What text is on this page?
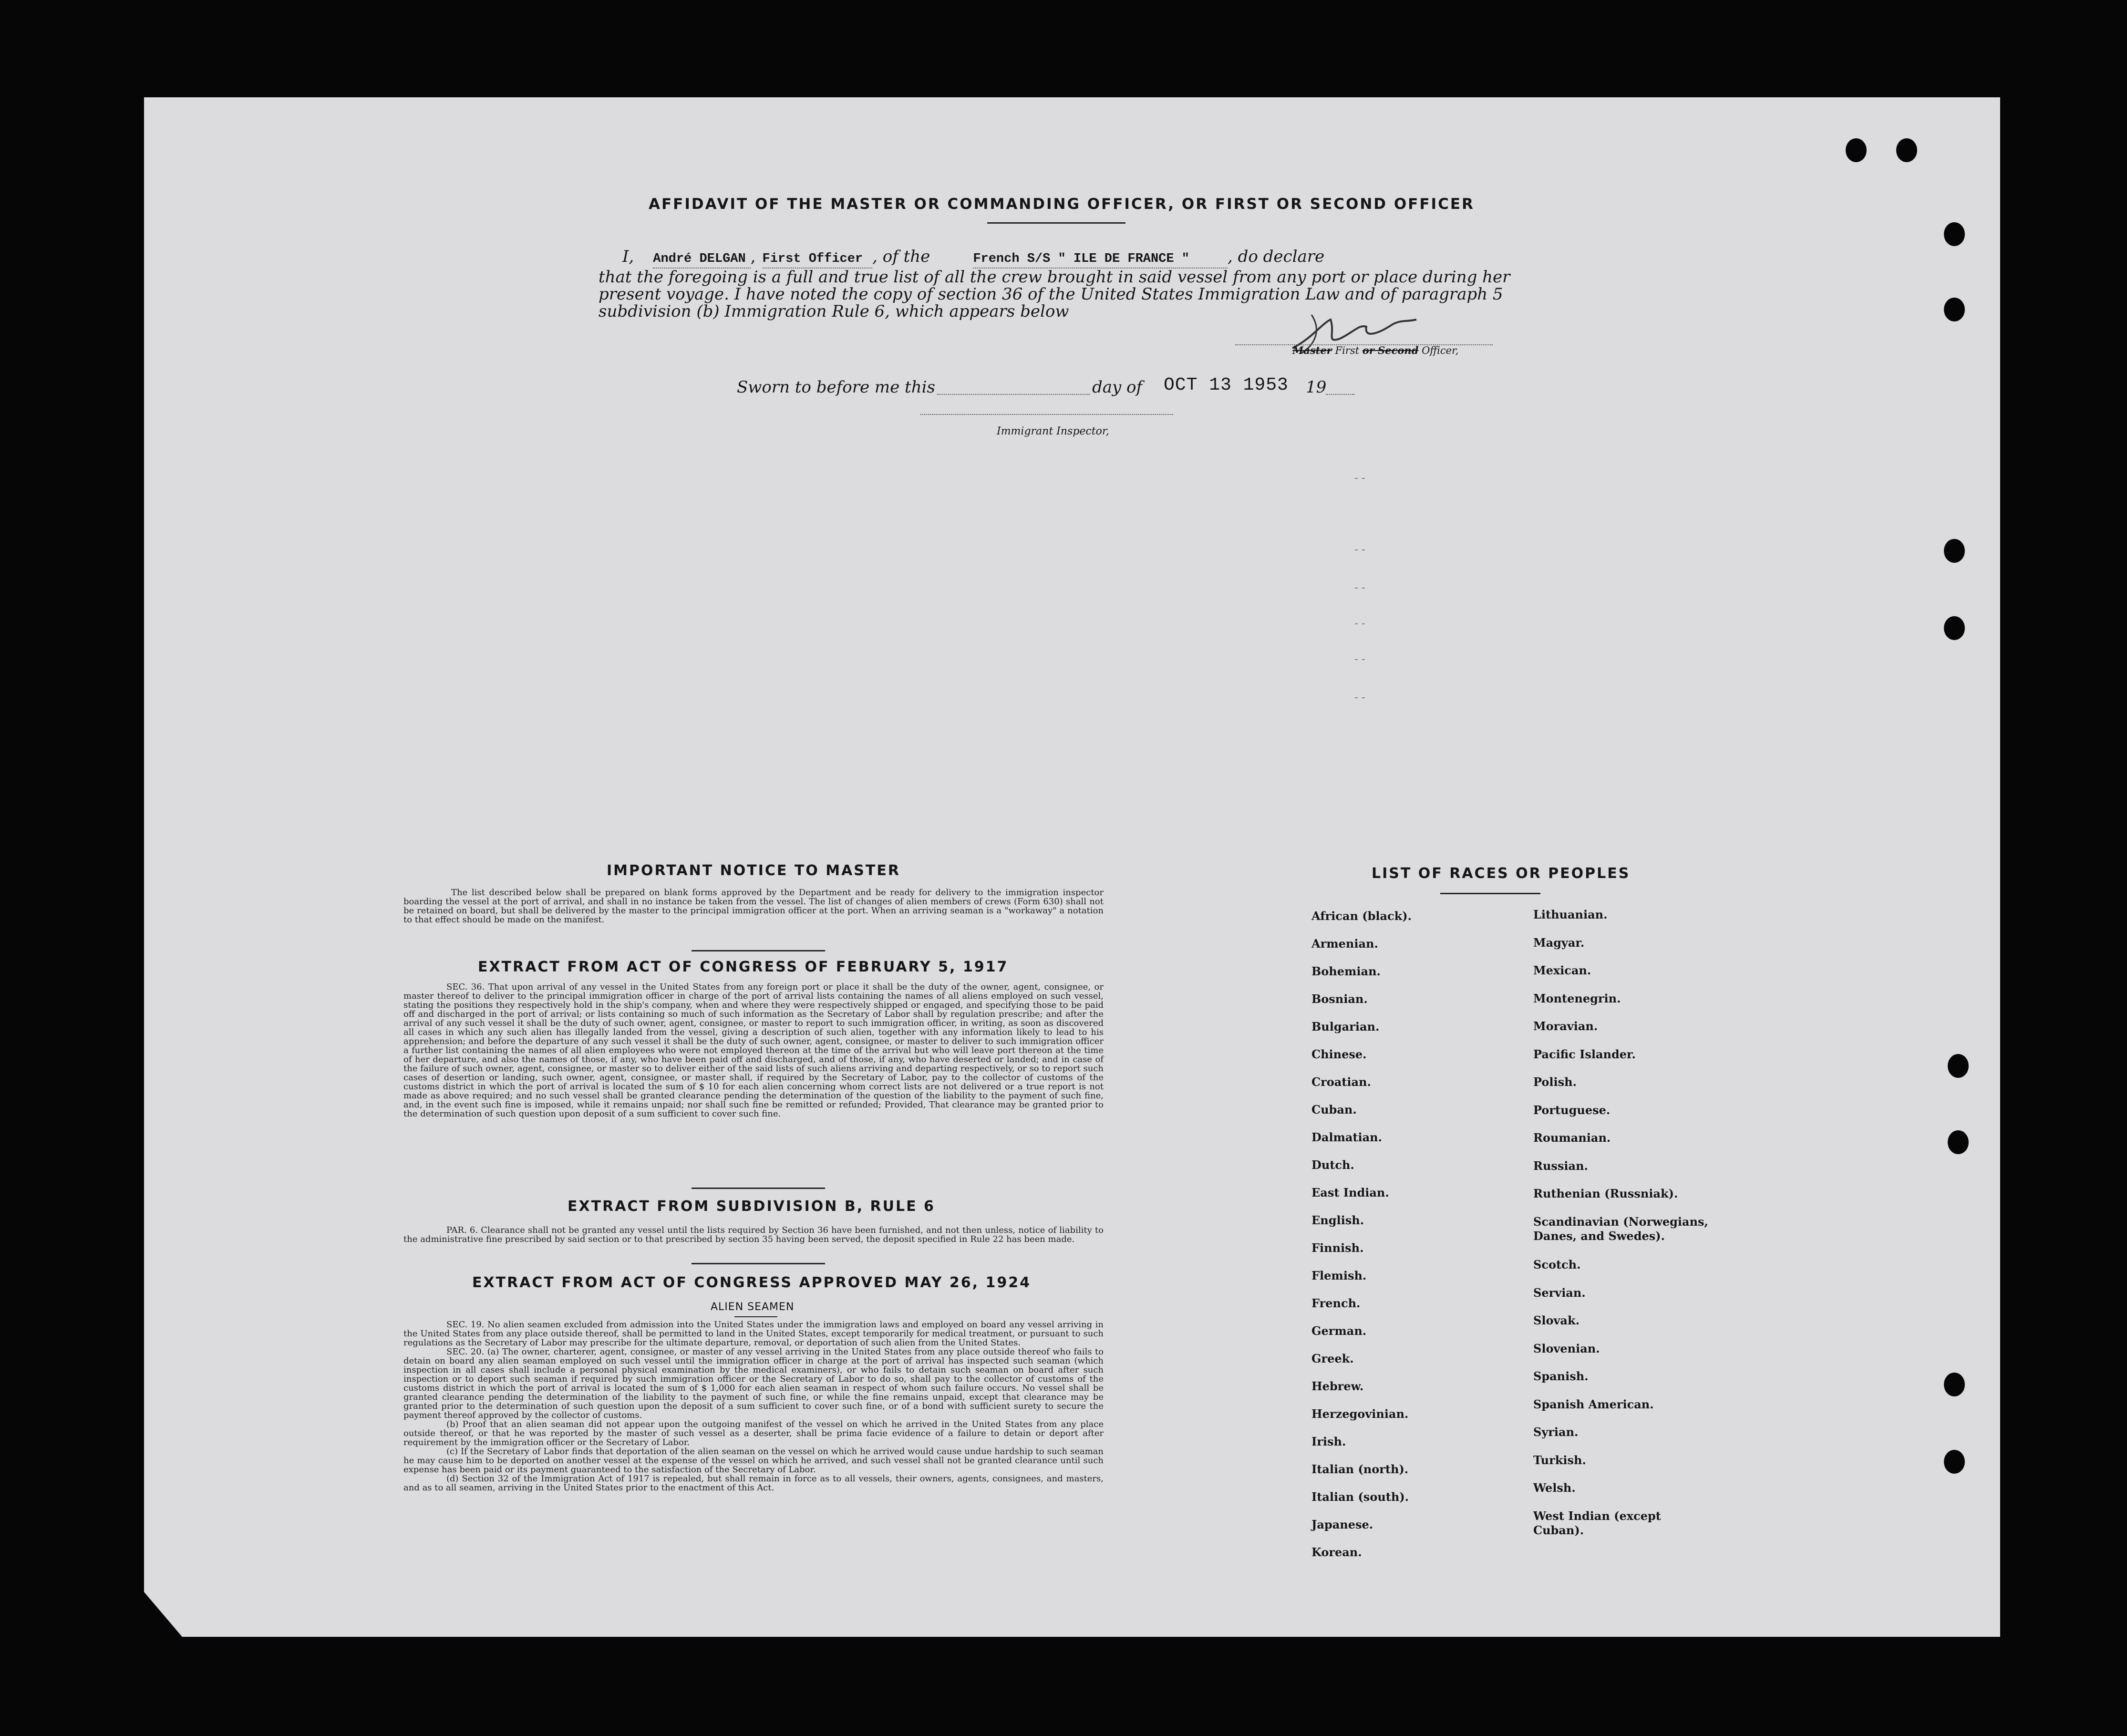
AFFIDAVIT OF THE MASTER OR COMMANDING OFFICER, OR FIRST OR SECOND OFFICER
I, André DELGAN , First Officer , of the	French S/S " ILE DE FRANCE "	, do declare
that the foregoing is a full and true list of all the crew brought in said vessel from any port or place during her
present voyage. I have noted the copy of section 36 of the United States Immigration Law and of paragraph 5
subdivision (b) Immigration Rule 6, which appears below
Master First or Second Officer,
Sworn to before me this	day of OCT 13 1953 19
Immigrant Inspector,
- -
- -
- -
- -
- -
- -
IMPORTANT NOTICE TO MASTER
The list described below shall be prepared on blank forms approved by the Department and be ready for delivery to the immigration inspector boarding the vessel at the port of arrival, and shall in no instance be taken from the vessel. The list of changes of alien members of crews (Form 630) shall not be retained on board, but shall be delivered by the master to the principal immigration officer at the port. When an arriving seaman is a "workaway" a notation to that effect should be made on the manifest.
EXTRACT FROM ACT OF CONGRESS OF FEBRUARY 5, 1917
SEC. 36. That upon arrival of any vessel in the United States from any foreign port or place it shall be the duty of the owner, agent, consignee, or master thereof to deliver to the principal immigration officer in charge of the port of arrival lists containing the names of all aliens employed on such vessel, stating the positions they respectively hold in the ship's company, when and where they were respectively shipped or engaged, and specifying those to be paid off and discharged in the port of arrival; or lists containing so much of such information as the Secretary of Labor shall by regulation prescribe; and after the arrival of any such vessel it shall be the duty of such owner, agent, consignee, or master to report to such immigration officer, in writing, as soon as discovered all cases in which any such alien has illegally landed from the vessel, giving a description of such alien, together with any information likely to lead to his apprehension; and before the departure of any such vessel it shall be the duty of such owner, agent, consignee, or master to deliver to such immigration officer a further list containing the names of all alien employees who were not employed thereon at the time of the arrival but who will leave port thereon at the time of her departure, and also the names of those, if any, who have been paid off and discharged, and of those, if any, who have deserted or landed; and in case of the failure of such owner, agent, consignee, or master so to deliver either of the said lists of such aliens arriving and departing respectively, or so to report such cases of desertion or landing, such owner, agent, consignee, or master shall, if required by the Secretary of Labor, pay to the collector of customs of the customs district in which the port of arrival is located the sum of $ 10 for each alien concerning whom correct lists are not delivered or a true report is not made as above required; and no such vessel shall be granted clearance pending the determination of the question of the liability to the payment of such fine, and, in the event such fine is imposed, while it remains unpaid; nor shall such fine be remitted or refunded; Provided, That clearance may be granted prior to the determination of such question upon deposit of a sum sufficient to cover such fine.
EXTRACT FROM SUBDIVISION B, RULE 6
PAR. 6. Clearance shall not be granted any vessel until the lists required by Section 36 have been furnished, and not then unless, notice of liability to the administrative fine prescribed by said section or to that prescribed by section 35 having been served, the deposit specified in Rule 22 has been made.
EXTRACT FROM ACT OF CONGRESS APPROVED MAY 26, 1924
ALIEN SEAMEN
SEC. 19. No alien seamen excluded from admission into the United States under the immigration laws and employed on board any vessel arriving in the United States from any place outside thereof, shall be permitted to land in the United States, except temporarily for medical treatment, or pursuant to such regulations as the Secretary of Labor may prescribe for the ultimate departure, removal, or deportation of such alien from the United States.
SEC. 20. (a) The owner, charterer, agent, consignee, or master of any vessel arriving in the United States from any place outside thereof who fails to detain on board any alien seaman employed on such vessel until the immigration officer in charge at the port of arrival has inspected such seaman (which inspection in all cases shall include a personal physical examination by the medical examiners), or who fails to detain such seaman on board after such inspection or to deport such seaman if required by such immigration officer or the Secretary of Labor to do so, shall pay to the collector of customs of the customs district in which the port of arrival is located the sum of $ 1,000 for each alien seaman in respect of whom such failure occurs. No vessel shall be granted clearance pending the determination of the liability to the payment of such fine, or while the fine remains unpaid, except that clearance may be granted prior to the determination of such question upon the deposit of a sum sufficient to cover such fine, or of a bond with sufficient surety to secure the payment thereof approved by the collector of customs.
(b) Proof that an alien seaman did not appear upon the outgoing manifest of the vessel on which he arrived in the United States from any place outside thereof, or that he was reported by the master of such vessel as a deserter, shall be prima facie evidence of a failure to detain or deport after requirement by the immigration officer or the Secretary of Labor.
(c) If the Secretary of Labor finds that deportation of the alien seaman on the vessel on which he arrived would cause undue hardship to such seaman he may cause him to be deported on another vessel at the expense of the vessel on which he arrived, and such vessel shall not be granted clearance until such expense has been paid or its payment guaranteed to the satisfaction of the Secretary of Labor.
(d) Section 32 of the Immigration Act of 1917 is repealed, but shall remain in force as to all vessels, their owners, agents, consignees, and masters, and as to all seamen, arriving in the United States prior to the enactment of this Act.
LIST OF RACES OR PEOPLES
African (black).
Armenian.
Bohemian.
Bosnian.
Bulgarian.
Chinese.
Croatian.
Cuban.
Dalmatian.
Dutch.
East Indian.
English.
Finnish.
Flemish.
French.
German.
Greek.
Hebrew.
Herzegovinian.
Irish.
Italian (north).
Italian (south).
Japanese.
Korean.
Lithuanian.
Magyar.
Mexican.
Montenegrin.
Moravian.
Pacific Islander.
Polish.
Portuguese.
Roumanian.
Russian.
Ruthenian (Russniak).
Scandinavian (Norwegians, Danes, and Swedes).
Scotch.
Servian.
Slovak.
Slovenian.
Spanish.
Spanish American.
Syrian.
Turkish.
Welsh.
West Indian (except Cuban).
